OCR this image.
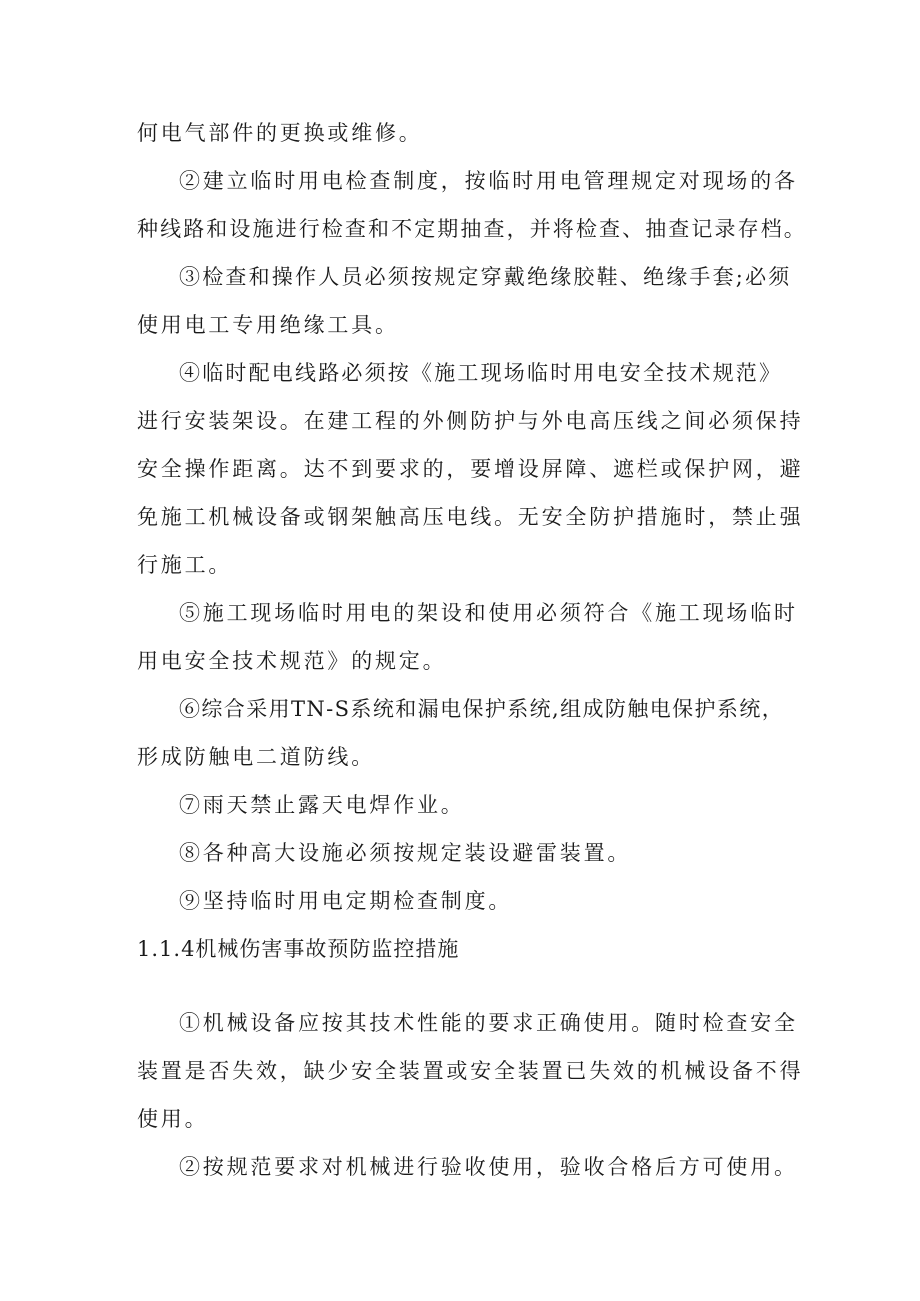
何电气部件的更换或维修。
②建立临时用电检查制度，按临时用电管理规定对现场的各
种线路和设施进行检查和不定期抽查，并将检查、抽查记录存档。
③检查和操作人员必须按规定穿戴绝缘胶鞋、绝缘手套;必须
使用电工专用绝缘工具。
④临时配电线路必须按《施工现场临时用电安全技术规范》
进行安装架设。在建工程的外侧防护与外电高压线之间必须保持
安全操作距离。达不到要求的，要增设屏障、遮栏或保护网，避
免施工机械设备或钢架触高压电线。无安全防护措施时，禁止强
行施工。
⑤施工现场临时用电的架设和使用必须符合《施工现场临时
用电安全技术规范》的规定。
⑥综合采用TN-S系统和漏电保护系统,组成防触电保护系统，
形成防触电二道防线。
⑦雨天禁止露天电焊作业。
⑧各种高大设施必须按规定装设避雷装置。
⑨坚持临时用电定期检查制度。
1.1.4机械伤害事故预防监控措施
①机械设备应按其技术性能的要求正确使用。随时检查安全
装置是否失效，缺少安全装置或安全装置已失效的机械设备不得
使用。
②按规范要求对机械进行验收使用，验收合格后方可使用。
